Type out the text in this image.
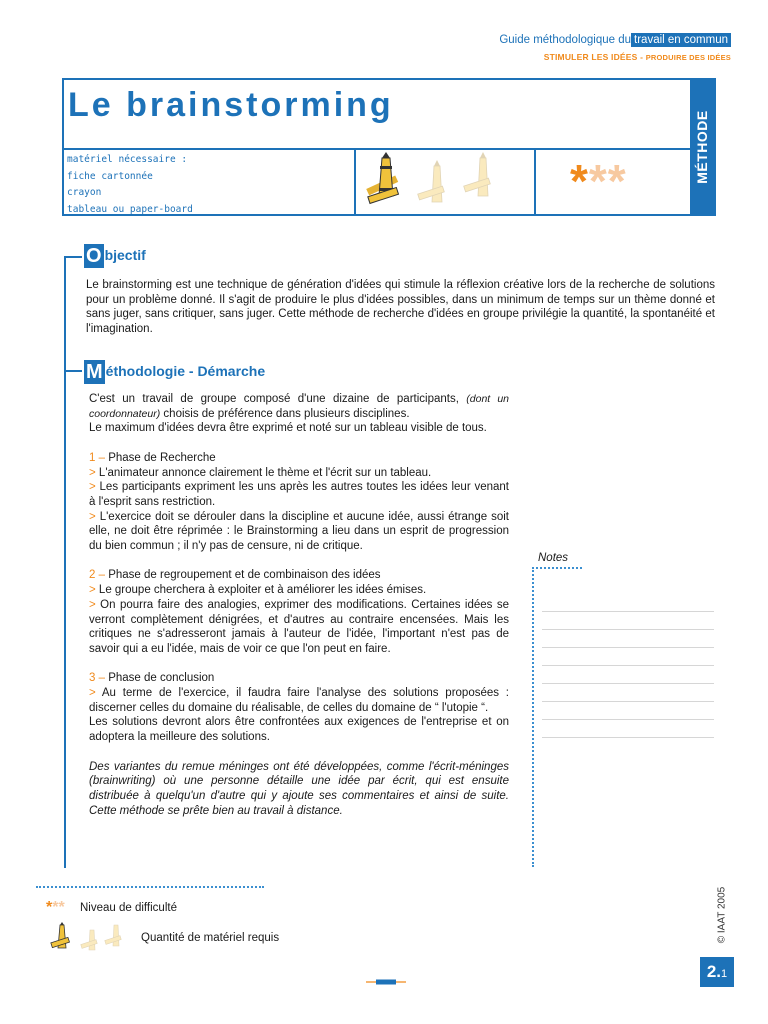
Guide méthodologique du travail en commun
STIMULER LES IDÉES - PRODUIRE DES IDÉES
Le brainstorming
matériel nécessaire :
fiche cartonnée
crayon
tableau ou paper-board
***	MÉTHODE
O bjectif
Le brainstorming est une technique de génération d'idées qui stimule la réflexion créative lors de la recherche de solutions pour un problème donné. Il s'agit de produire le plus d'idées possibles, dans un minimum de temps sur un thème donné et sans juger, sans critiquer, sans juger. Cette méthode de recherche d'idées en groupe privilégie la quantité, la spontanéité et l'imagination.
M éthodologie - Démarche
C'est un travail de groupe composé d'une dizaine de participants, (dont un coordonnateur) choisis de préférence dans plusieurs disciplines.
Le maximum d'idées devra être exprimé et noté sur un tableau visible de tous.
1 – Phase de Recherche
> L'animateur annonce clairement le thème et l'écrit sur un tableau.
> Les participants expriment les uns après les autres toutes les idées leur venant à l'esprit sans restriction.
> L'exercice doit se dérouler dans la discipline et aucune idée, aussi étrange soit elle, ne doit être réprimée : le Brainstorming a lieu dans un esprit de progression du bien commun ; il n'y pas de censure, ni de critique.
2 – Phase de regroupement et de combinaison des idées
> Le groupe cherchera à exploiter et à améliorer les idées émises.
> On pourra faire des analogies, exprimer des modifications. Certaines idées se verront complètement dénigrées, et d'autres au contraire encensées. Mais les critiques ne s'adresseront jamais à l'auteur de l'idée, l'important n'est pas de savoir qui a eu l'idée, mais de voir ce que l'on peut en faire.
3 – Phase de conclusion
> Au terme de l'exercice, il faudra faire l'analyse des solutions proposées : discerner celles du domaine du réalisable, de celles du domaine de “ l'utopie “.
Les solutions devront alors être confrontées aux exigences de l'entreprise et on adoptera la meilleure des solutions.
Des variantes du remue méninges ont été développées, comme l'écrit-méninges (brainwriting) où une personne détaille une idée par écrit, qui est ensuite distribuée à quelqu'un d'autre qui y ajoute ses commentaires et ainsi de suite. Cette méthode se prête bien au travail à distance.
Notes
*** Niveau de difficulté
Quantité de matériel requis	© IAAT 2005
2.1
